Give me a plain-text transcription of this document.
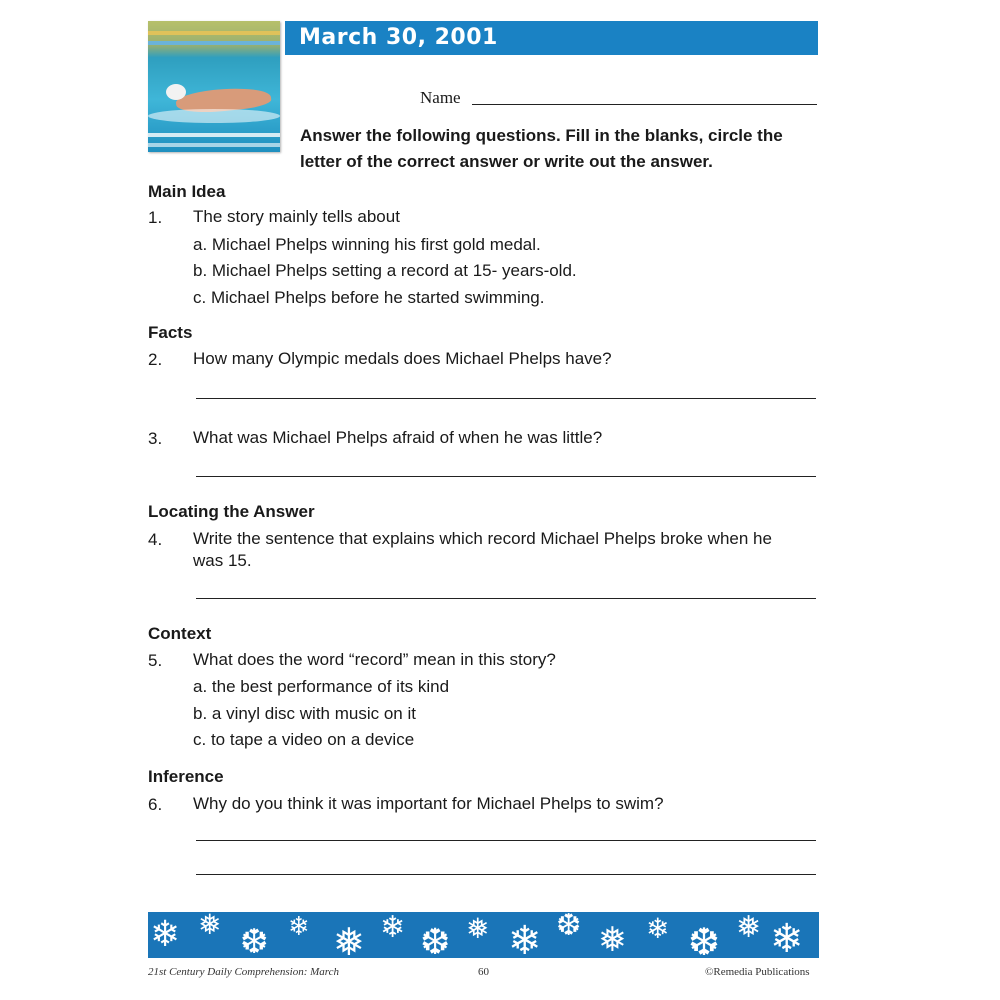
March 30, 2001
Name
Answer the following questions. Fill in the blanks, circle the letter of the correct answer or write out the answer.
Main Idea
1. The story mainly tells about
a. Michael Phelps winning his first gold medal.
b. Michael Phelps setting a record at 15- years-old.
c. Michael Phelps before he started swimming.
Facts
2. How many Olympic medals does Michael Phelps have?
3. What was Michael Phelps afraid of when he was little?
Locating the Answer
4. Write the sentence that explains which record Michael Phelps broke when he was 15.
Context
5. What does the word “record” mean in this story?
a. the best performance of its kind
b. a vinyl disc with music on it
c. to tape a video on a device
Inference
6. Why do you think it was important for Michael Phelps to swim?
❄ ❅ ❆ ❄ ❅ ❄ ❆ ❅ ❄ ❆ ❅ ❄ ❆ ❅ ❄
21st Century Daily Comprehension: March	60	©Remedia Publications
